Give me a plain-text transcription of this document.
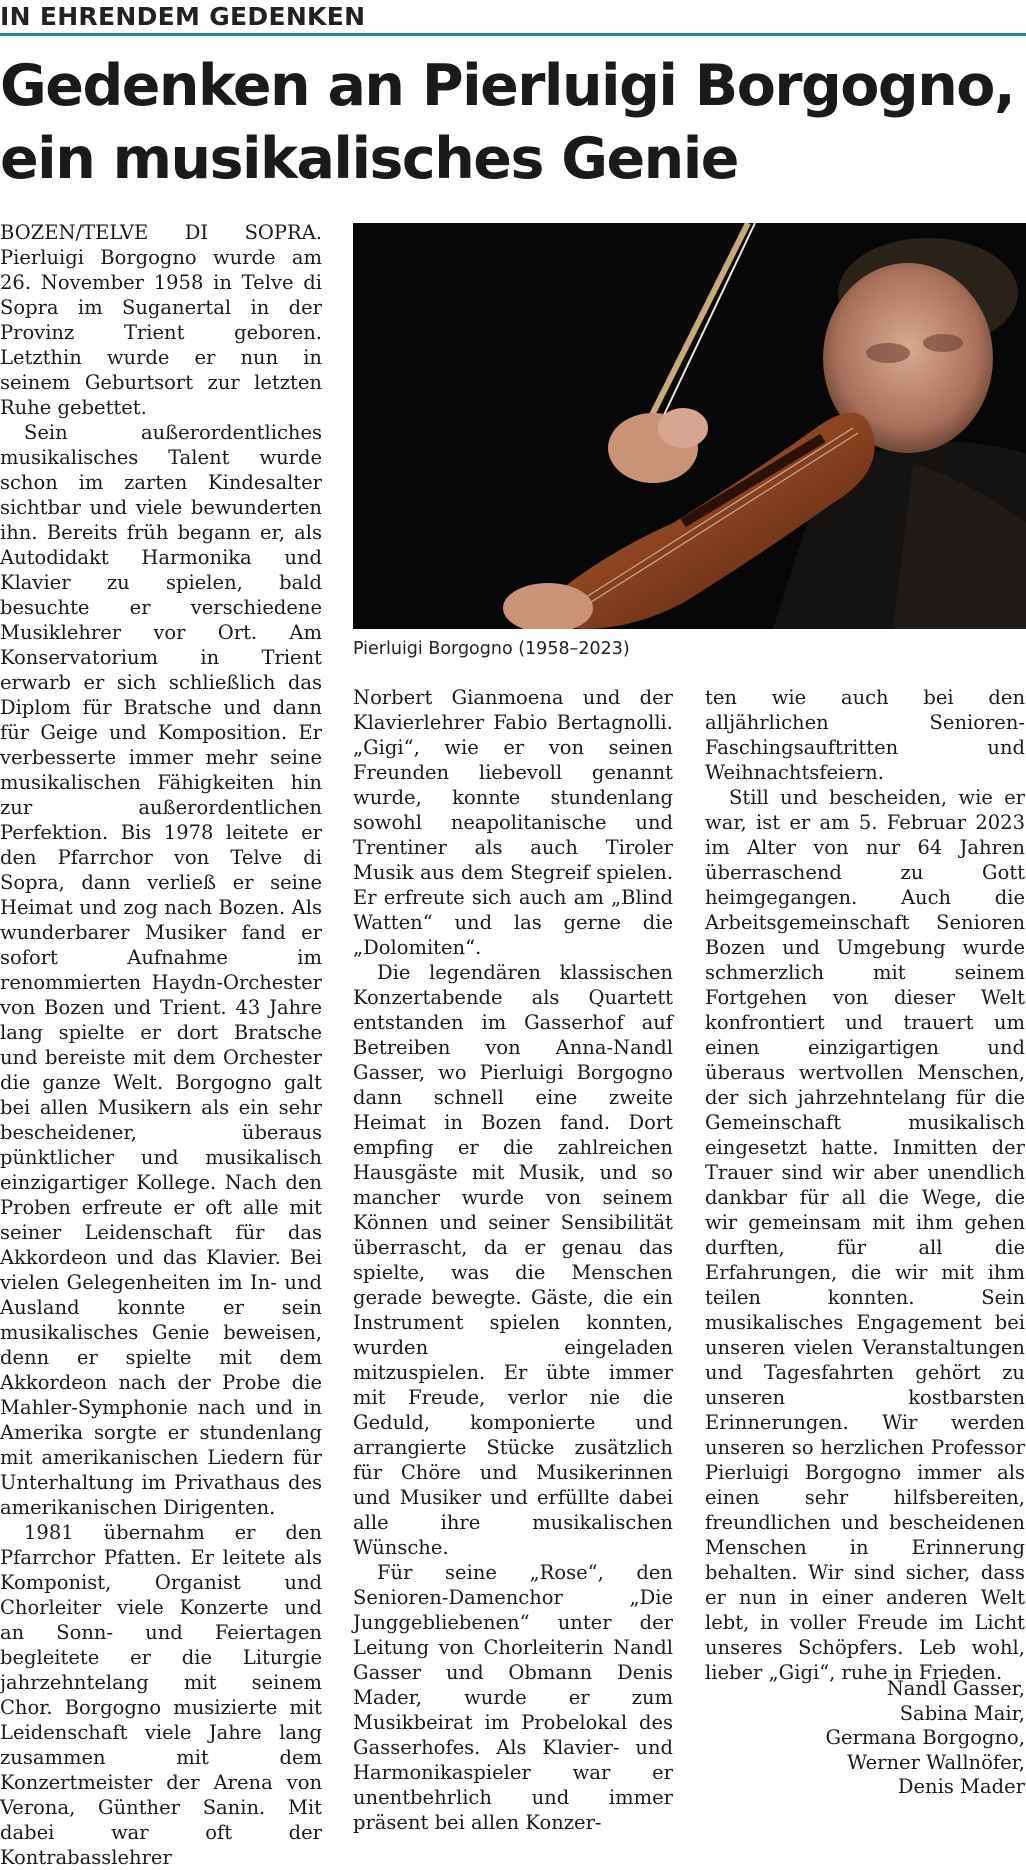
IN EHRENDEM GEDENKEN
Gedenken an Pierluigi Borgogno,
ein musikalisches Genie

BOZEN/TELVE DI SOPRA. Pierluigi Borgogno wurde am 26. November 1958 in Telve di Sopra im Suganertal in der Provinz Trient geboren. Letzthin wurde er nun in seinem Geburtsort zur letzten Ruhe gebettet.

Sein außerordentliches musikalisches Talent wurde schon im zarten Kindesalter sichtbar und viele bewunderten ihn. Bereits früh begann er, als Autodidakt Harmonika und Klavier zu spielen, bald besuchte er verschiedene Musiklehrer vor Ort. Am Konservatorium in Trient erwarb er sich schließlich das Diplom für Bratsche und dann für Geige und Komposition. Er verbesserte immer mehr seine musikalischen Fähigkeiten hin zur außerordentlichen Perfektion. Bis 1978 leitete er den Pfarrchor von Telve di Sopra, dann verließ er seine Heimat und zog nach Bozen. Als wunderbarer Musiker fand er sofort Aufnahme im renommierten Haydn-Orchester von Bozen und Trient. 43 Jahre lang spielte er dort Bratsche und bereiste mit dem Orchester die ganze Welt. Borgogno galt bei allen Musikern als ein sehr bescheidener, überaus pünktlicher und musikalisch einzigartiger Kollege. Nach den Proben erfreute er oft alle mit seiner Leidenschaft für das Akkordeon und das Klavier. Bei vielen Gelegenheiten im In- und Ausland konnte er sein musikalisches Genie beweisen, denn er spielte mit dem Akkordeon nach der Probe die Mahler-Symphonie nach und in Amerika sorgte er stundenlang mit amerikanischen Liedern für Unterhaltung im Privathaus des amerikanischen Dirigenten.

1981 übernahm er den Pfarrchor Pfatten. Er leitete als Komponist, Organist und Chorleiter viele Konzerte und an Sonn- und Feiertagen begleitete er die Liturgie jahrzehntelang mit seinem Chor. Borgogno musizierte mit Leidenschaft viele Jahre lang zusammen mit dem Konzertmeister der Arena von Verona, Günther Sanin. Mit dabei war oft der Kontrabasslehrer

Pierluigi Borgogno (1958–2023)

Norbert Gianmoena und der Klavierlehrer Fabio Bertagnolli. „Gigi“, wie er von seinen Freunden liebevoll genannt wurde, konnte stundenlang sowohl neapolitanische und Trentiner als auch Tiroler Musik aus dem Stegreif spielen. Er erfreute sich auch am „Blind Watten“ und las gerne die „Dolomiten“.

Die legendären klassischen Konzertabende als Quartett entstanden im Gasserhof auf Betreiben von Anna-Nandl Gasser, wo Pierluigi Borgogno dann schnell eine zweite Heimat in Bozen fand. Dort empfing er die zahlreichen Hausgäste mit Musik, und so mancher wurde von seinem Können und seiner Sensibilität überrascht, da er genau das spielte, was die Menschen gerade bewegte. Gäste, die ein Instrument spielen konnten, wurden eingeladen mitzuspielen. Er übte immer mit Freude, verlor nie die Geduld, komponierte und arrangierte Stücke zusätzlich für Chöre und Musikerinnen und Musiker und erfüllte dabei alle ihre musikalischen Wünsche.

Für seine „Rose“, den Senioren-Damenchor „Die Junggebliebenen“ unter der Leitung von Chorleiterin Nandl Gasser und Obmann Denis Mader, wurde er zum Musikbeirat im Probelokal des Gasserhofes. Als Klavier- und Harmonikaspieler war er unentbehrlich und immer präsent bei allen Konzer-

ten wie auch bei den alljährlichen Senioren-Faschingsauftritten und Weihnachtsfeiern.

Still und bescheiden, wie er war, ist er am 5. Februar 2023 im Alter von nur 64 Jahren überraschend zu Gott heimgegangen. Auch die Arbeitsgemeinschaft Senioren Bozen und Umgebung wurde schmerzlich mit seinem Fortgehen von dieser Welt konfrontiert und trauert um einen einzigartigen und überaus wertvollen Menschen, der sich jahrzehntelang für die Gemeinschaft musikalisch eingesetzt hatte. Inmitten der Trauer sind wir aber unendlich dankbar für all die Wege, die wir gemeinsam mit ihm gehen durften, für all die Erfahrungen, die wir mit ihm teilen konnten. Sein musikalisches Engagement bei unseren vielen Veranstaltungen und Tagesfahrten gehört zu unseren kostbarsten Erinnerungen. Wir werden unseren so herzlichen Professor Pierluigi Borgogno immer als einen sehr hilfsbereiten, freundlichen und bescheidenen Menschen in Erinnerung behalten. Wir sind sicher, dass er nun in einer anderen Welt lebt, in voller Freude im Licht unseres Schöpfers. Leb wohl, lieber „Gigi“, ruhe in Frieden.

Nandl Gasser,
Sabina Mair,
Germana Borgogno,
Werner Wallnöfer,
Denis Mader
